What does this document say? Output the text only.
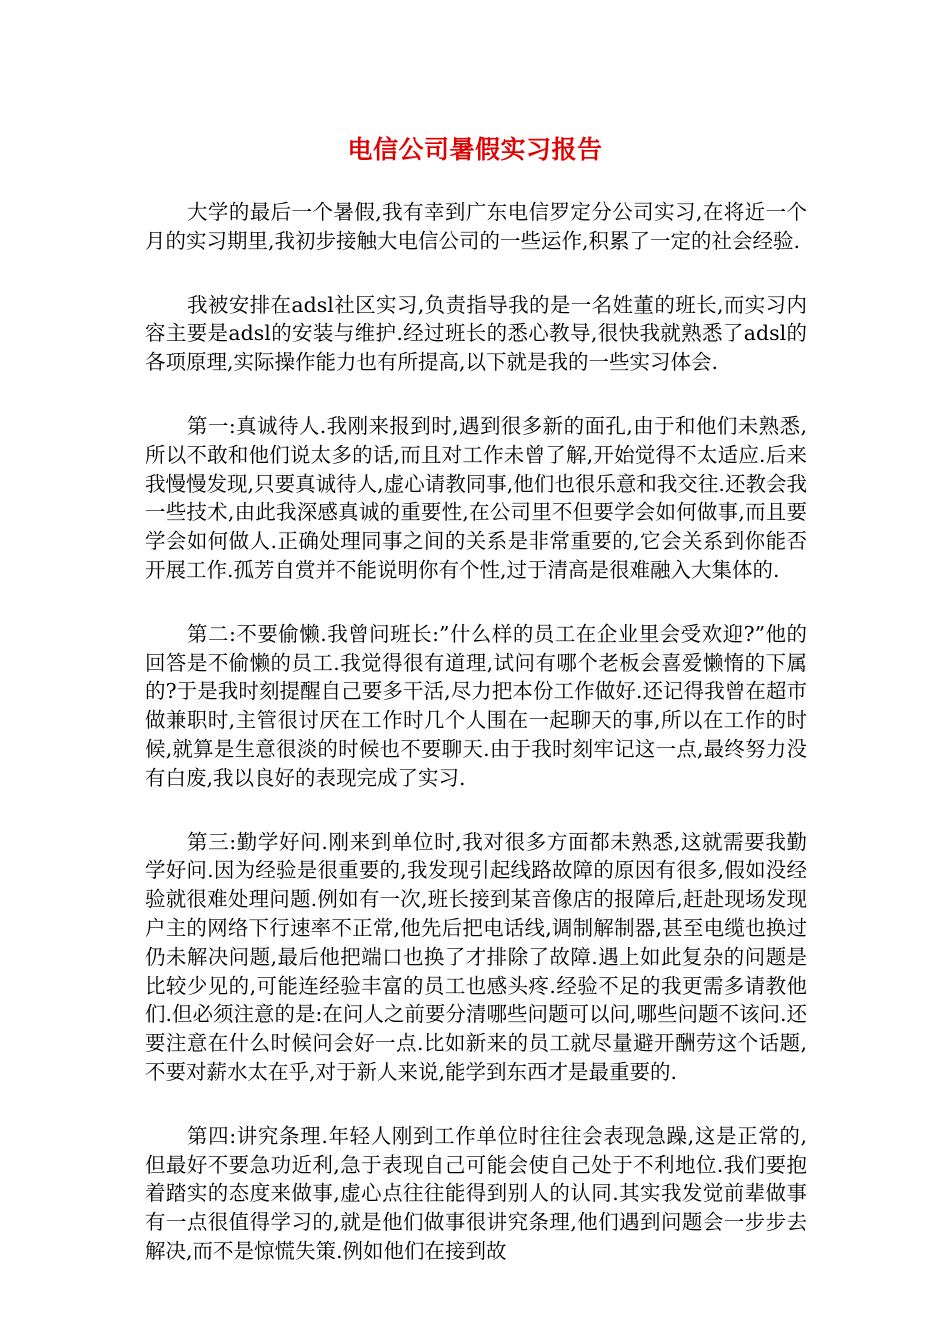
电信公司暑假实习报告

大学的最后一个暑假,我有幸到广东电信罗定分公司实习,在将近一个月的实习期里,我初步接触大电信公司的一些运作,积累了一定的社会经验.

我被安排在adsl社区实习,负责指导我的是一名姓董的班长,而实习内容主要是adsl的安装与维护.经过班长的悉心教导,很快我就熟悉了adsl的各项原理,实际操作能力也有所提高,以下就是我的一些实习体会.

第一:真诚待人.我刚来报到时,遇到很多新的面孔,由于和他们未熟悉,所以不敢和他们说太多的话,而且对工作未曾了解,开始觉得不太适应.后来我慢慢发现,只要真诚待人,虚心请教同事,他们也很乐意和我交往.还教会我一些技术,由此我深感真诚的重要性,在公司里不但要学会如何做事,而且要学会如何做人.正确处理同事之间的关系是非常重要的,它会关系到你能否开展工作.孤芳自赏并不能说明你有个性,过于清高是很难融入大集体的.

第二:不要偷懒.我曾问班长:”什么样的员工在企业里会受欢迎?”他的回答是不偷懒的员工.我觉得很有道理,试问有哪个老板会喜爱懒惰的下属的?于是我时刻提醒自己要多干活,尽力把本份工作做好.还记得我曾在超市做兼职时,主管很讨厌在工作时几个人围在一起聊天的事,所以在工作的时候,就算是生意很淡的时候也不要聊天.由于我时刻牢记这一点,最终努力没有白废,我以良好的表现完成了实习.

第三:勤学好问.刚来到单位时,我对很多方面都未熟悉,这就需要我勤学好问.因为经验是很重要的,我发现引起线路故障的原因有很多,假如没经验就很难处理问题.例如有一次,班长接到某音像店的报障后,赶赴现场发现户主的网络下行速率不正常,他先后把电话线,调制解制器,甚至电缆也换过仍未解决问题,最后他把端口也换了才排除了故障.遇上如此复杂的问题是比较少见的,可能连经验丰富的员工也感头疼.经验不足的我更需多请教他们.但必须注意的是:在问人之前要分清哪些问题可以问,哪些问题不该问.还要注意在什么时候问会好一点.比如新来的员工就尽量避开酬劳这个话题,不要对薪水太在乎,对于新人来说,能学到东西才是最重要的.

第四:讲究条理.年轻人刚到工作单位时往往会表现急躁,这是正常的,但最好不要急功近利,急于表现自己可能会使自己处于不利地位.我们要抱着踏实的态度来做事,虚心点往往能得到别人的认同.其实我发觉前辈做事有一点很值得学习的,就是他们做事很讲究条理,他们遇到问题会一步步去解决,而不是惊慌失策.例如他们在接到故
